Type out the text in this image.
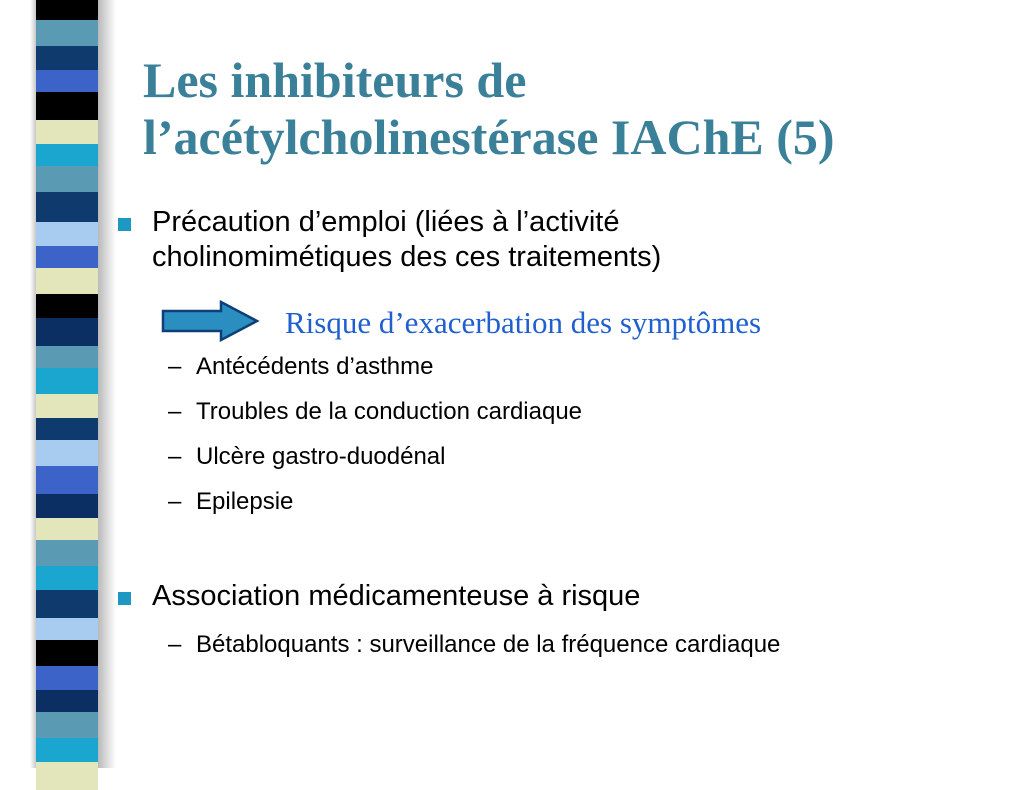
Les inhibiteurs de
l’acétylcholinestérase IAChE (5)
Précaution d’emploi (liées à l’activité
cholinomimétiques des ces traitements)
Risque d’exacerbation des symptômes
– Antécédents d’asthme
– Troubles de la conduction cardiaque
– Ulcère gastro-duodénal
– Epilepsie
Association médicamenteuse à risque
– Bétabloquants : surveillance de la fréquence cardiaque
